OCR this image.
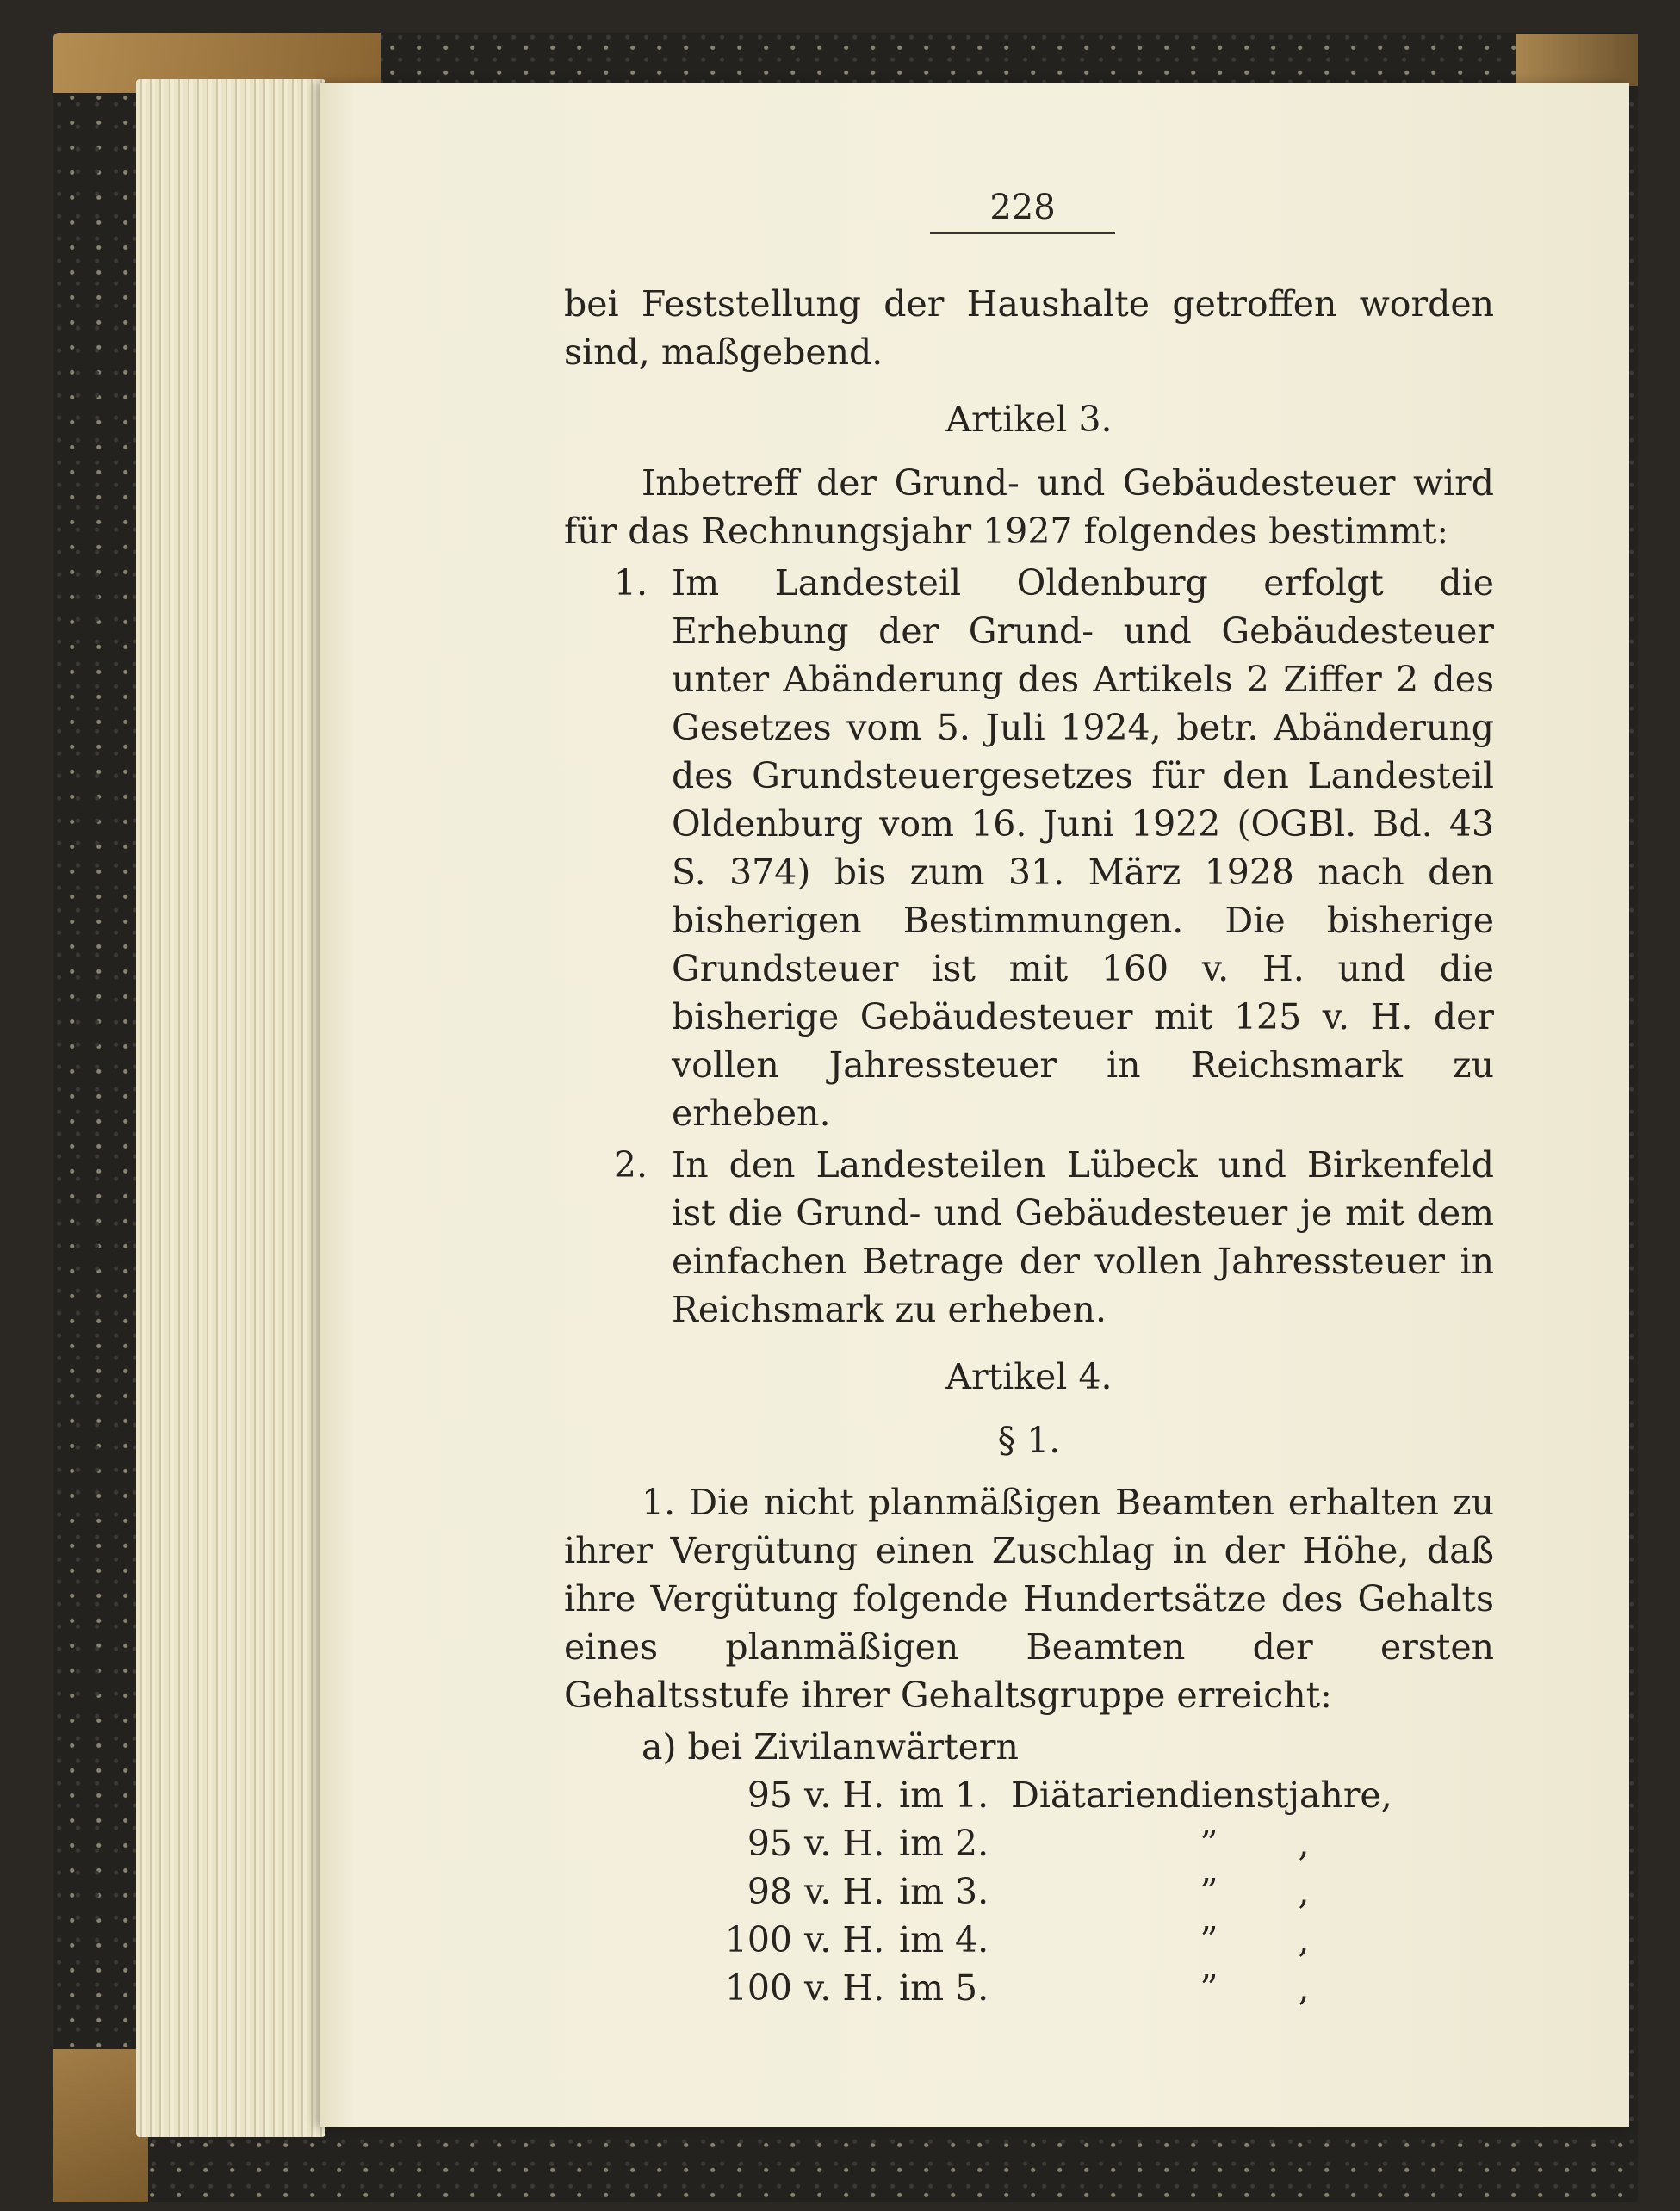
228
bei Feststellung der Haushalte getroffen worden sind, maßgebend.
Artikel 3.
Inbetreff der Grund- und Gebäudesteuer wird für das Rechnungsjahr 1927 folgendes bestimmt:
1. Im Landesteil Oldenburg erfolgt die Erhebung der Grund- und Gebäudesteuer unter Abänderung des Artikels 2 Ziffer 2 des Gesetzes vom 5. Juli 1924, betr. Abänderung des Grundsteuergesetzes für den Landesteil Oldenburg vom 16. Juni 1922 (OGBl. Bd. 43 S. 374) bis zum 31. März 1928 nach den bisherigen Bestimmungen. Die bisherige Grundsteuer ist mit 160 v. H. und die bisherige Gebäudesteuer mit 125 v. H. der vollen Jahressteuer in Reichsmark zu erheben.
2. In den Landesteilen Lübeck und Birkenfeld ist die Grund- und Gebäudesteuer je mit dem einfachen Betrage der vollen Jahressteuer in Reichsmark zu erheben.
Artikel 4.
§ 1.
1. Die nicht planmäßigen Beamten erhalten zu ihrer Vergütung einen Zuschlag in der Höhe, daß ihre Vergütung folgende Hundertsätze des Gehalts eines planmäßigen Beamten der ersten Gehaltsstufe ihrer Gehaltsgruppe erreicht:
a) bei Zivilanwärtern
95	v. H.	im 1.	Diätariendienstjahre,
95	v. H.	im 2.	” ,
98	v. H.	im 3.	” ,
100	v. H.	im 4.	” ,
100	v. H.	im 5.	” ,
